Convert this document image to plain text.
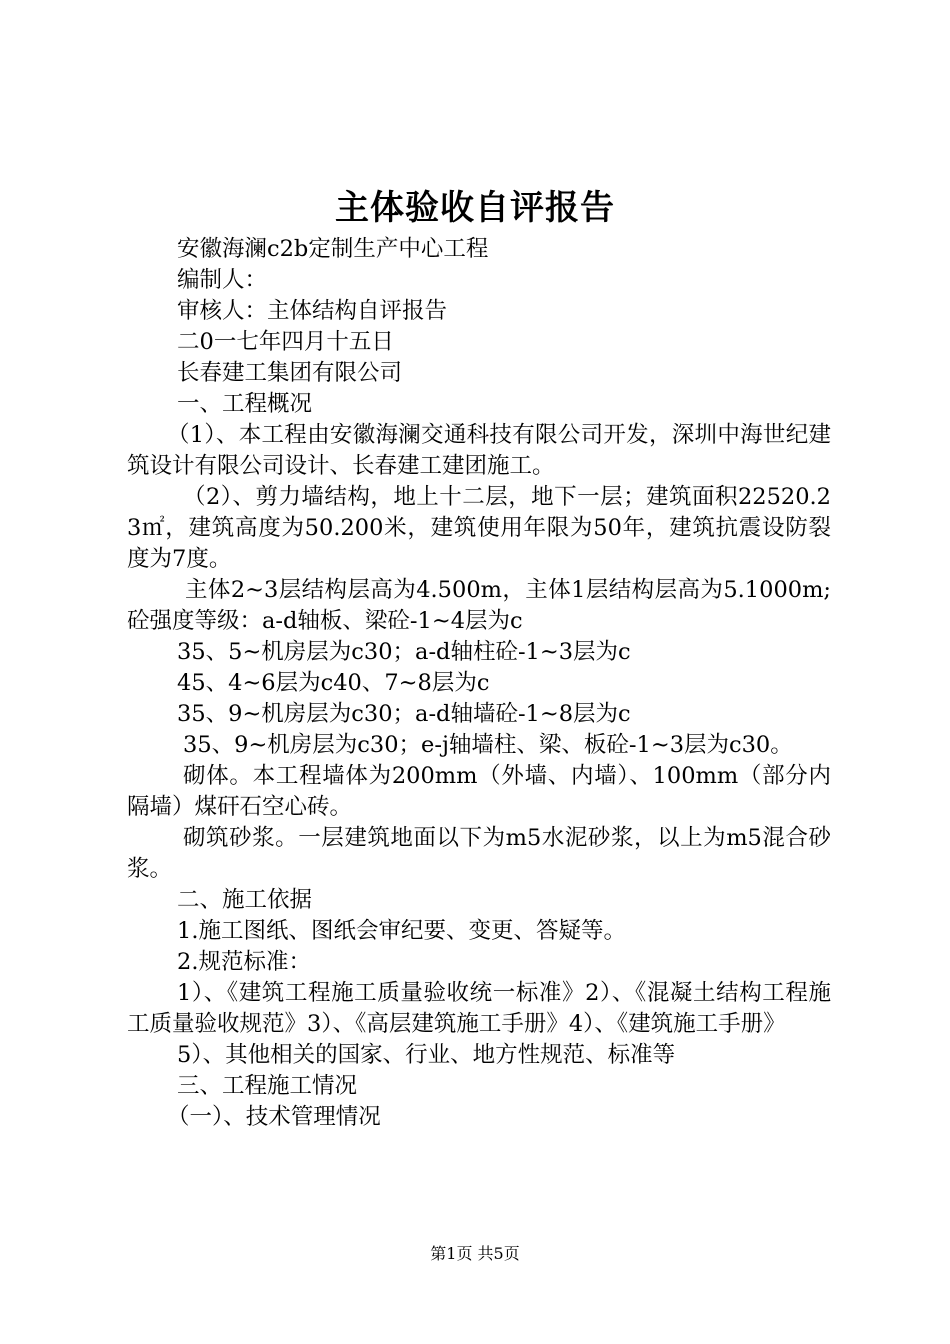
主体验收自评报告

安徽海澜c2b定制生产中心工程

编制人：

审核人：主体结构自评报告

二0一七年四月十五日

长春建工集团有限公司

一、工程概况

（1）、本工程由安徽海澜交通科技有限公司开发，深圳中海世纪建筑设计有限公司设计、长春建工建团施工。

（2）、剪力墙结构，地上十二层，地下一层；建筑面积22520.23㎡，建筑高度为50.200米，建筑使用年限为50年，建筑抗震设防裂度为7度。

主体2~3层结构层高为4.500m，主体1层结构层高为5.1000m;砼强度等级：a-d轴板、梁砼-1~4层为c

35、5~机房层为c30；a-d轴柱砼-1~3层为c

45、4~6层为c40、7~8层为c

35、9~机房层为c30；a-d轴墙砼-1~8层为c

35、9~机房层为c30；e-j轴墙柱、梁、板砼-1~3层为c30。

砌体。本工程墙体为200mm（外墙、内墙）、100mm（部分内隔墙）煤矸石空心砖。

砌筑砂浆。一层建筑地面以下为m5水泥砂浆，以上为m5混合砂浆。

二、施工依据

1.施工图纸、图纸会审纪要、变更、答疑等。

2.规范标准：

1）、《建筑工程施工质量验收统一标准》2）、《混凝土结构工程施工质量验收规范》3）、《高层建筑施工手册》4）、《建筑施工手册》

5）、其他相关的国家、行业、地方性规范、标准等

三、工程施工情况

（一）、技术管理情况

第1页 共5页
